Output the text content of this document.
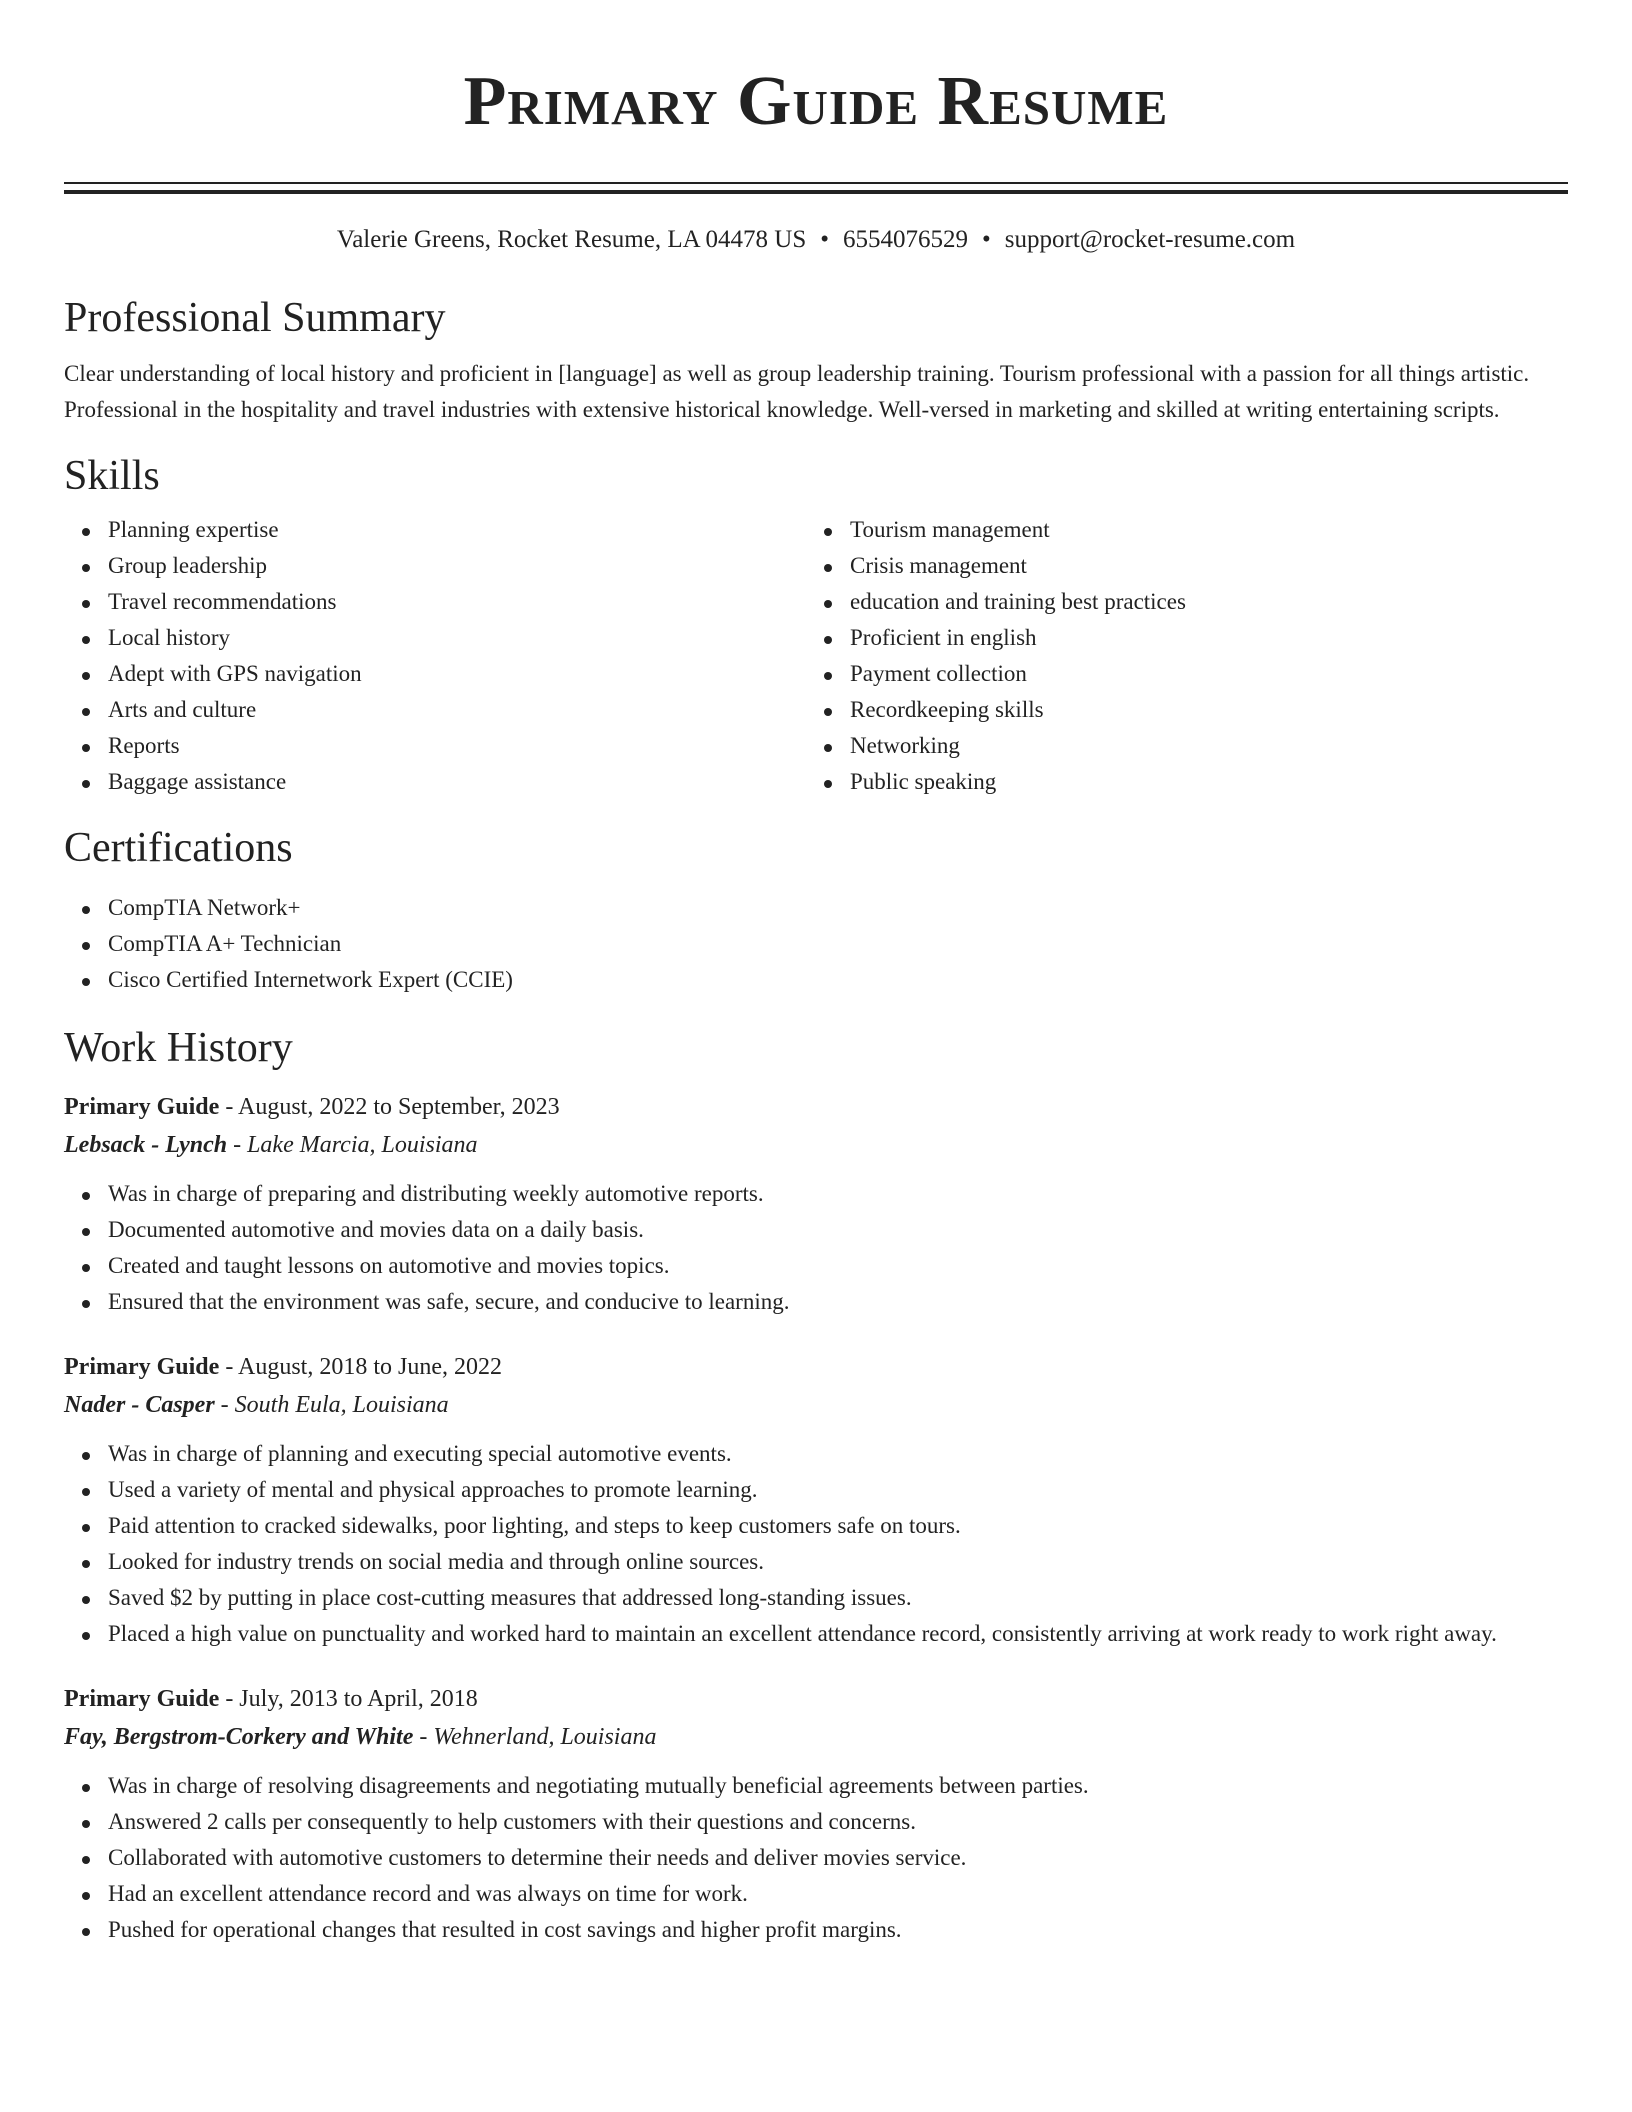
Primary Guide Resume
Valerie Greens, Rocket Resume, LA 04478 US • 6554076529 • support@rocket-resume.com
Professional Summary

Clear understanding of local history and proficient in [language] as well as group leadership training. Tourism professional with a passion for all things artistic. Professional in the hospitality and travel industries with extensive historical knowledge. Well-versed in marketing and skilled at writing entertaining scripts.

Skills
Planning expertise
Group leadership
Travel recommendations
Local history
Adept with GPS navigation
Arts and culture
Reports
Baggage assistance
Tourism management
Crisis management
education and training best practices
Proficient in english
Payment collection
Recordkeeping skills
Networking
Public speaking
Certifications
CompTIA Network+
CompTIA A+ Technician
Cisco Certified Internetwork Expert (CCIE)
Work History

Primary Guide - August, 2022 to September, 2023

Lebsack - Lynch - Lake Marcia, Louisiana

Was in charge of preparing and distributing weekly automotive reports.
Documented automotive and movies data on a daily basis.
Created and taught lessons on automotive and movies topics.
Ensured that the environment was safe, secure, and conducive to learning.

Primary Guide - August, 2018 to June, 2022

Nader - Casper - South Eula, Louisiana

Was in charge of planning and executing special automotive events.
Used a variety of mental and physical approaches to promote learning.
Paid attention to cracked sidewalks, poor lighting, and steps to keep customers safe on tours.
Looked for industry trends on social media and through online sources.
Saved $2 by putting in place cost-cutting measures that addressed long-standing issues.
Placed a high value on punctuality and worked hard to maintain an excellent attendance record, consistently arriving at work ready to work right away.

Primary Guide - July, 2013 to April, 2018

Fay, Bergstrom-Corkery and White - Wehnerland, Louisiana

Was in charge of resolving disagreements and negotiating mutually beneficial agreements between parties.
Answered 2 calls per consequently to help customers with their questions and concerns.
Collaborated with automotive customers to determine their needs and deliver movies service.
Had an excellent attendance record and was always on time for work.
Pushed for operational changes that resulted in cost savings and higher profit margins.
